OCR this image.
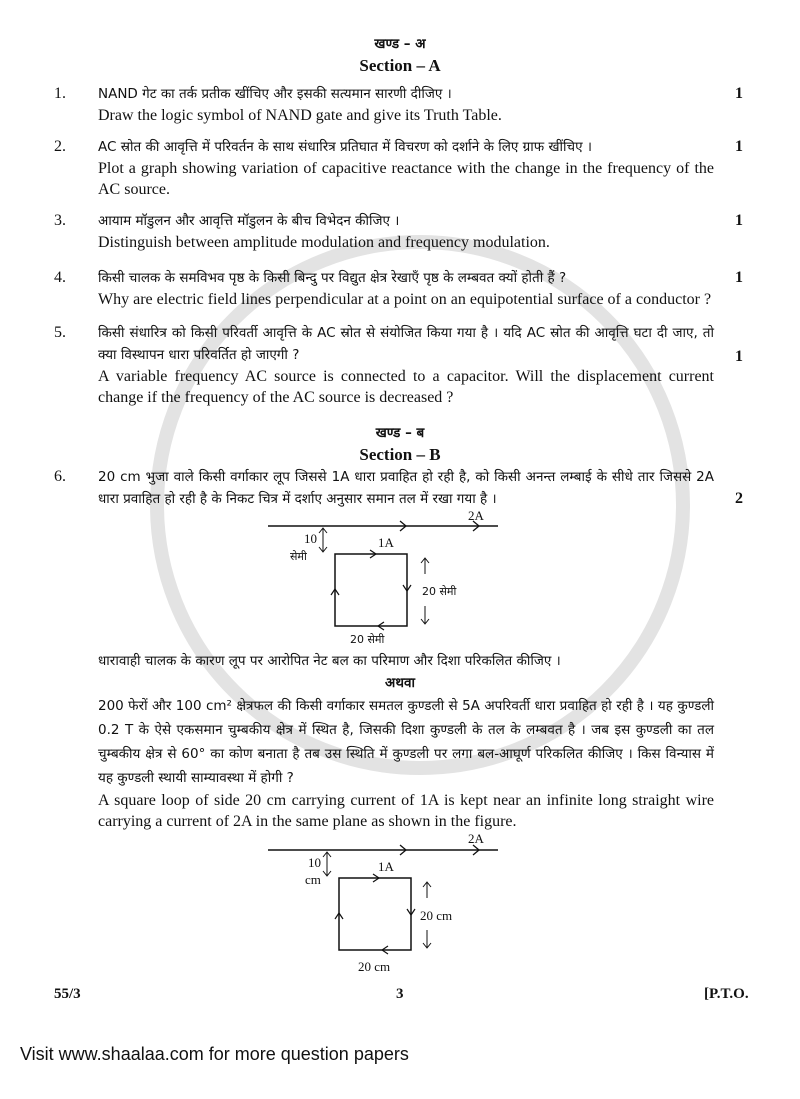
खण्ड – अ
Section – A
1.	NAND गेट का तर्क प्रतीक खींचिए और इसकी सत्यमान सारणी दीजिए ।
Draw the logic symbol of NAND gate and give its Truth Table.
1
2.	AC स्रोत की आवृत्ति में परिवर्तन के साथ संधारित्र प्रतिघात में विचरण को दर्शाने के लिए ग्राफ खींचिए ।
Plot a graph showing variation of capacitive reactance with the change in the frequency of the AC source.
1
3.	आयाम मॉडुलन और आवृत्ति मॉडुलन के बीच विभेदन कीजिए ।
Distinguish between amplitude modulation and frequency modulation.
1
4.	किसी चालक के समविभव पृष्ठ के किसी बिन्दु पर विद्युत क्षेत्र रेखाएँ पृष्ठ के लम्बवत क्यों होती हैं ?
Why are electric field lines perpendicular at a point on an equipotential surface of a conductor ?
1
5.	किसी संधारित्र को किसी परिवर्ती आवृत्ति के AC स्रोत से संयोजित किया गया है । यदि AC स्रोत की आवृत्ति घटा दी जाए, तो क्या विस्थापन धारा परिवर्तित हो जाएगी ?
A variable frequency AC source is connected to a capacitor. Will the displacement current change if the frequency of the AC source is decreased ?
1
खण्ड – ब
Section – B
6.	20 cm भुजा वाले किसी वर्गाकार लूप जिससे 1A धारा प्रवाहित हो रही है, को किसी अनन्त लम्बाई के सीधे तार जिससे 2A धारा प्रवाहित हो रही है के निकट चित्र में दर्शाए अनुसार समान तल में रखा गया है ।	2
2A
10
सेमी
1A
20 सेमी
20 सेमी
धारावाही चालक के कारण लूप पर आरोपित नेट बल का परिमाण और दिशा परिकलित कीजिए ।
अथवा
200 फेरों और 100 cm² क्षेत्रफल की किसी वर्गाकार समतल कुण्डली से 5A अपरिवर्ती धारा प्रवाहित हो रही है । यह कुण्डली 0.2 T के ऐसे एकसमान चुम्बकीय क्षेत्र में स्थित है, जिसकी दिशा कुण्डली के तल के लम्बवत है । जब इस कुण्डली का तल चुम्बकीय क्षेत्र से 60° का कोण बनाता है तब उस स्थिति में कुण्डली पर लगा बल-आघूर्ण परिकलित कीजिए । किस विन्यास में यह कुण्डली स्थायी साम्यावस्था में होगी ?
A square loop of side 20 cm carrying current of 1A is kept near an infinite long straight wire carrying a current of 2A in the same plane as shown in the figure.
2A
10
cm
1A
20 cm
20 cm
55/3	3	[P.T.O.
Visit www.shaalaa.com for more question papers
